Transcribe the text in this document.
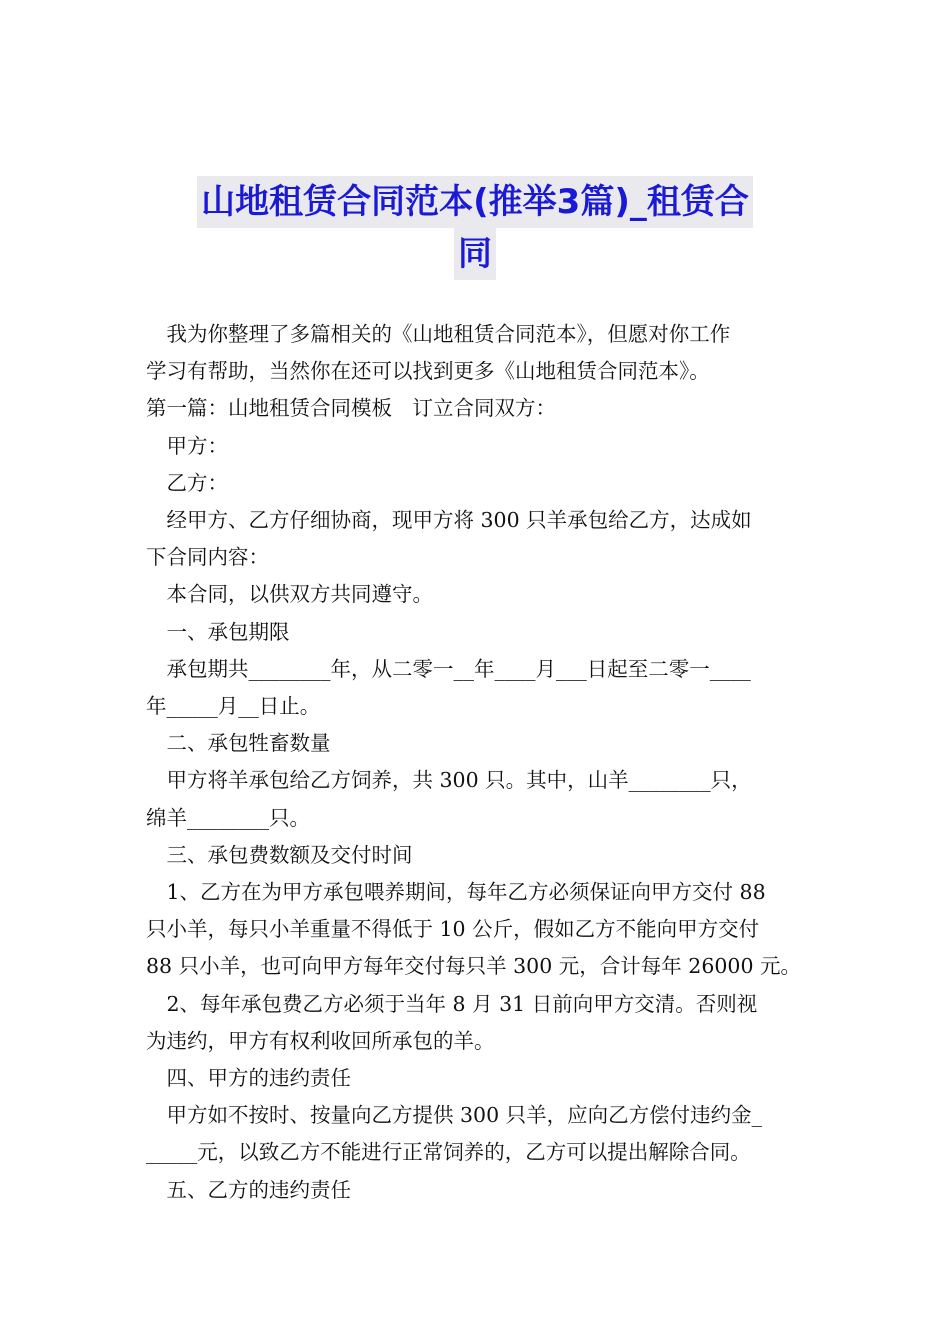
山地租赁合同范本(推举3篇)_租赁合
同

　我为你整理了多篇相关的《山地租赁合同范本》，但愿对你工作

学习有帮助，当然你在还可以找到更多《山地租赁合同范本》。

第一篇：山地租赁合同模板　订立合同双方：

　甲方：

　乙方：

　经甲方、乙方仔细协商，现甲方将 300 只羊承包给乙方，达成如

下合同内容：

　本合同，以供双方共同遵守。

　一、承包期限

　承包期共________年，从二零一__年____月___日起至二零一____

年_____月__日止。

　二、承包牲畜数量

　甲方将羊承包给乙方饲养，共 300 只。其中，山羊________只，

绵羊________只。

　三、承包费数额及交付时间

　1、乙方在为甲方承包喂养期间，每年乙方必须保证向甲方交付 88

只小羊，每只小羊重量不得低于 10 公斤，假如乙方不能向甲方交付

88 只小羊，也可向甲方每年交付每只羊 300 元，合计每年 26000 元。

　2、每年承包费乙方必须于当年 8 月 31 日前向甲方交清。否则视

为违约，甲方有权利收回所承包的羊。

　四、甲方的违约责任

　甲方如不按时、按量向乙方提供 300 只羊，应向乙方偿付违约金_

_____元，以致乙方不能进行正常饲养的，乙方可以提出解除合同。

　五、乙方的违约责任
